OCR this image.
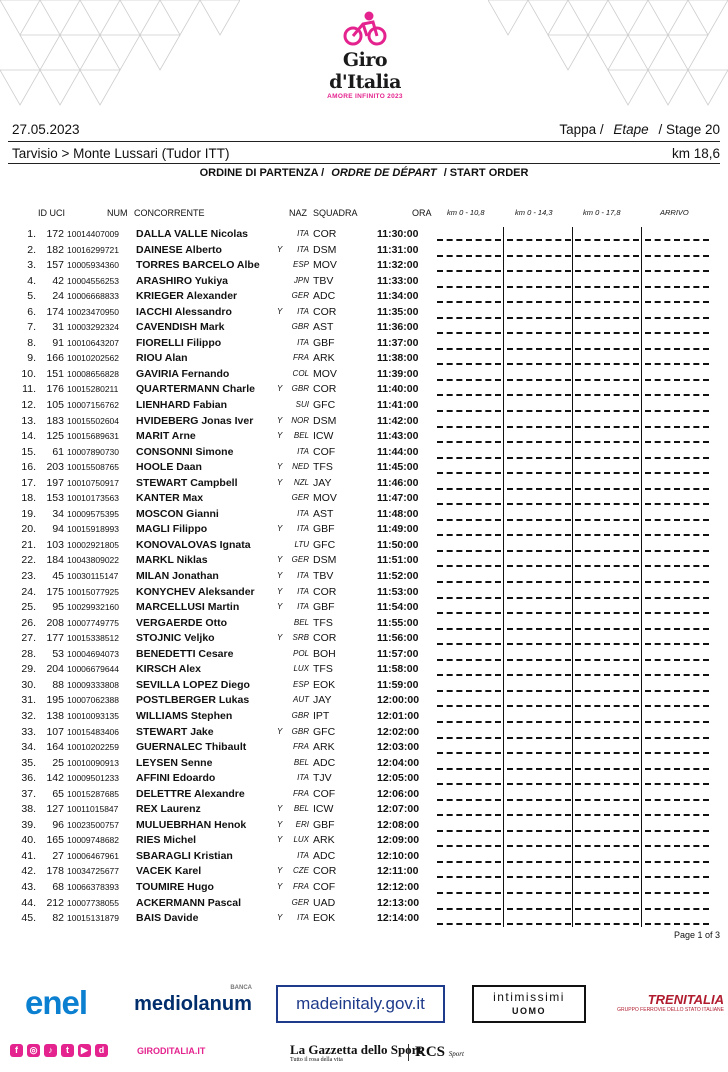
Giro d'Italia
AMORE INFINITO 2023
27.05.2023	Tappa / Etape / Stage 20
Tarvisio > Monte Lussari (Tudor ITT)	km 18,6
ORDINE DI PARTENZA / ORDRE DE DÉPART / START ORDER
ID UCI	NUM CONCORRENTE	NAZ SQUADRA	ORA km 0 - 10,8	km 0 - 14,3	km 0 - 17,8	ARRIVO
1. 172 10014407009 DALLA VALLE Nicolas	ITA COR	11:30:00
2. 182 10016299721 DAINESE Alberto	Y	ITA DSM	11:31:00
3. 157 10005934360 TORRES BARCELO Albe	ESP MOV	11:32:00
4.	42 10004556253 ARASHIRO Yukiya	JPN TBV	11:33:00
5.	24 10006668833 KRIEGER Alexander	GER ADC	11:34:00
6. 174 10023470950 IACCHI Alessandro	Y	ITA COR	11:35:00
7.	31 10003292324 CAVENDISH Mark	GBR AST	11:36:00
8.	91 10010643207 FIORELLI Filippo	ITA GBF	11:37:00
9. 166 10010202562 RIOU Alan	FRA ARK	11:38:00
10. 151 10008656828 GAVIRIA Fernando	COL MOV	11:39:00
11. 176 10015280211 QUARTERMANN Charle	Y	GBR COR	11:40:00
12. 105 10007156762 LIENHARD Fabian	SUI GFC	11:41:00
13. 183 10015502604 HVIDEBERG Jonas Iver	Y NOR DSM	11:42:00
14. 125 10015689631 MARIT Arne	Y	BEL ICW	11:43:00
15.	61 10007890730 CONSONNI Simone	ITA COF	11:44:00
16. 203 10015508765 HOOLE Daan	Y	NED TFS	11:45:00
17. 197 10010750917 STEWART Campbell	Y	NZL JAY	11:46:00
18. 153 10010173563 KANTER Max	GER MOV	11:47:00
19.	34 10009575395 MOSCON Gianni	ITA AST	11:48:00
20.	94 10015918993 MAGLI Filippo	Y	ITA GBF	11:49:00
21. 103 10002921805 KONOVALOVAS Ignata	LTU GFC	11:50:00
22. 184 10043809022 MARKL Niklas	Y	GER DSM	11:51:00
23.	45 10030115147 MILAN Jonathan	Y	ITA TBV	11:52:00
24. 175 10015077925 KONYCHEV Aleksander	Y	ITA COR	11:53:00
25.	95 10029932160 MARCELLUSI Martin	Y	ITA GBF	11:54:00
26. 208 10007749775 VERGAERDE Otto	BEL TFS	11:55:00
27. 177 10015338512 STOJNIC Veljko	Y	SRB COR	11:56:00
28.	53 10004694073 BENEDETTI Cesare	POL BOH	11:57:00
29. 204 10006679644 KIRSCH Alex	LUX TFS	11:58:00
30.	88 10009333808 SEVILLA LOPEZ Diego	ESP EOK	11:59:00
31. 195 10007062388 POSTLBERGER Lukas	AUT JAY	12:00:00
32. 138 10010093135 WILLIAMS Stephen	GBR IPT	12:01:00
33. 107 10015483406 STEWART Jake	Y	GBR GFC	12:02:00
34. 164 10010202259 GUERNALEC Thibault	FRA ARK	12:03:00
35.	25 10010090913 LEYSEN Senne	BEL ADC	12:04:00
36. 142 10009501233 AFFINI Edoardo	ITA TJV	12:05:00
37.	65 10015287685 DELETTRE Alexandre	FRA COF	12:06:00
38. 127 10011015847 REX Laurenz	Y	BEL ICW	12:07:00
39.	96 10023500757 MULUEBRHAN Henok	Y	ERI GBF	12:08:00
40. 165 10009748682 RIES Michel	Y	LUX ARK	12:09:00
41.	27 10006467961 SBARAGLI Kristian	ITA ADC	12:10:00
42. 178 10034725677 VACEK Karel	Y	CZE COR	12:11:00
43.	68 10066378393 TOUMIRE Hugo	Y	FRA COF	12:12:00
44. 212 10007738055 ACKERMANN Pascal	GER UAD	12:13:00
45.	82 10015131879 BAIS Davide	Y	ITA EOK	12:14:00
Page 1 of 3
enel	mediolanum
BANCA
madeinitaly.gov.it	intimissimi
UOMO
TRENITALIA
GRUPPO FERROVIE DELLO STATO ITALIANE
f	◎	♪	t	▶	d	GIRODITALIA.IT	La Gazzetta dello Sport
Tutto il rosa della vita	RCS Sport
